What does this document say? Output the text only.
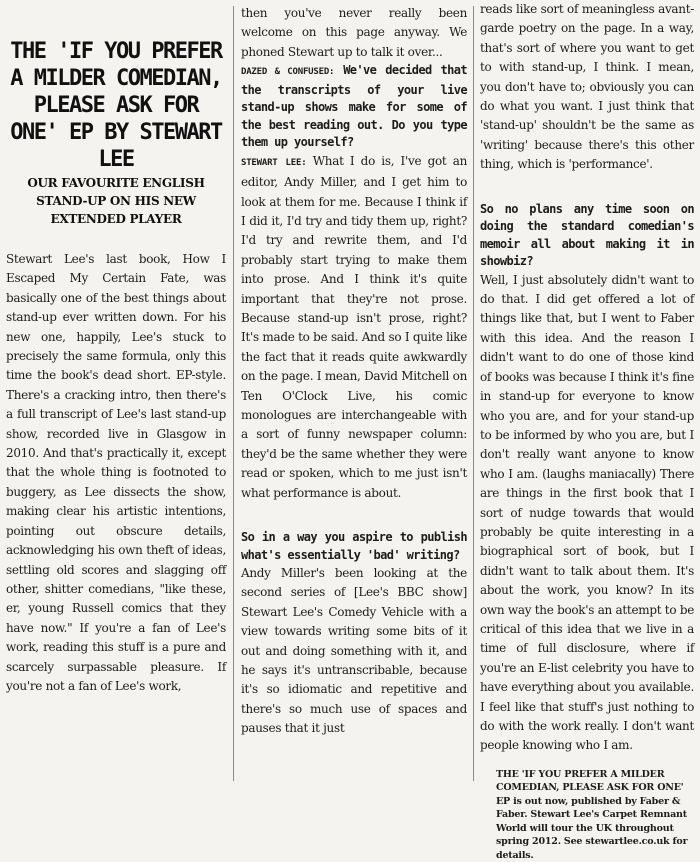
THE 'IF YOU PREFER A MILDER COMEDIAN, PLEASE ASK FOR ONE' EP BY STEWART LEE

OUR FAVOURITE ENGLISH STAND-UP ON HIS NEW EXTENDED PLAYER

Stewart Lee's last book, How I Escaped My Certain Fate, was basically one of the best things about stand-up ever written down. For his new one, happily, Lee's stuck to precisely the same formula, only this time the book's dead short. EP-style. There's a cracking intro, then there's a full transcript of Lee's last stand-up show, recorded live in Glasgow in 2010. And that's practically it, except that the whole thing is footnoted to buggery, as Lee dissects the show, making clear his artistic intentions, pointing out obscure details, acknowledging his own theft of ideas, settling old scores and slagging off other, shitter comedians, "like these, er, young Russell comics that they have now." If you're a fan of Lee's work, reading this stuff is a pure and scarcely surpassable pleasure. If you're not a fan of Lee's work,

then you've never really been welcome on this page anyway. We phoned Stewart up to talk it over...

DAZED & CONFUSED: We've decided that the transcripts of your live stand-up shows make for some of the best reading out. Do you type them up yourself?

STEWART LEE: What I do is, I've got an editor, Andy Miller, and I get him to look at them for me. Because I think if I did it, I'd try and tidy them up, right? I'd try and rewrite them, and I'd probably start trying to make them into prose. And I think it's quite important that they're not prose. Because stand-up isn't prose, right? It's made to be said. And so I quite like the fact that it reads quite awkwardly on the page. I mean, David Mitchell on Ten O'Clock Live, his comic monologues are interchangeable with a sort of funny newspaper column: they'd be the same whether they were read or spoken, which to me just isn't what performance is about.

So in a way you aspire to publish what's essentially 'bad' writing?

Andy Miller's been looking at the second series of [Lee's BBC show] Stewart Lee's Comedy Vehicle with a view towards writing some bits of it out and doing something with it, and he says it's untranscribable, because it's so idiomatic and repetitive and there's so much use of spaces and pauses that it just

reads like sort of meaningless avant-garde poetry on the page. In a way, that's sort of where you want to get to with stand-up, I think. I mean, you don't have to; obviously you can do what you want. I just think that 'stand-up' shouldn't be the same as 'writing' because there's this other thing, which is 'performance'.

So no plans any time soon on doing the standard comedian's memoir all about making it in showbiz?

Well, I just absolutely didn't want to do that. I did get offered a lot of things like that, but I went to Faber with this idea. And the reason I didn't want to do one of those kind of books was because I think it's fine in stand-up for everyone to know who you are, and for your stand-up to be informed by who you are, but I don't really want anyone to know who I am. (laughs maniacally) There are things in the first book that I sort of nudge towards that would probably be quite interesting in a biographical sort of book, but I didn't want to talk about them. It's about the work, you know? In its own way the book's an attempt to be critical of this idea that we live in a time of full disclosure, where if you're an E-list celebrity you have to have everything about you available. I feel like that stuff's just nothing to do with the work really. I don't want people knowing who I am.

THE 'IF YOU PREFER A MILDER COMEDIAN, PLEASE ASK FOR ONE' EP is out now, published by Faber & Faber. Stewart Lee's Carpet Remnant World will tour the UK throughout spring 2012. See stewartlee.co.uk for details.
